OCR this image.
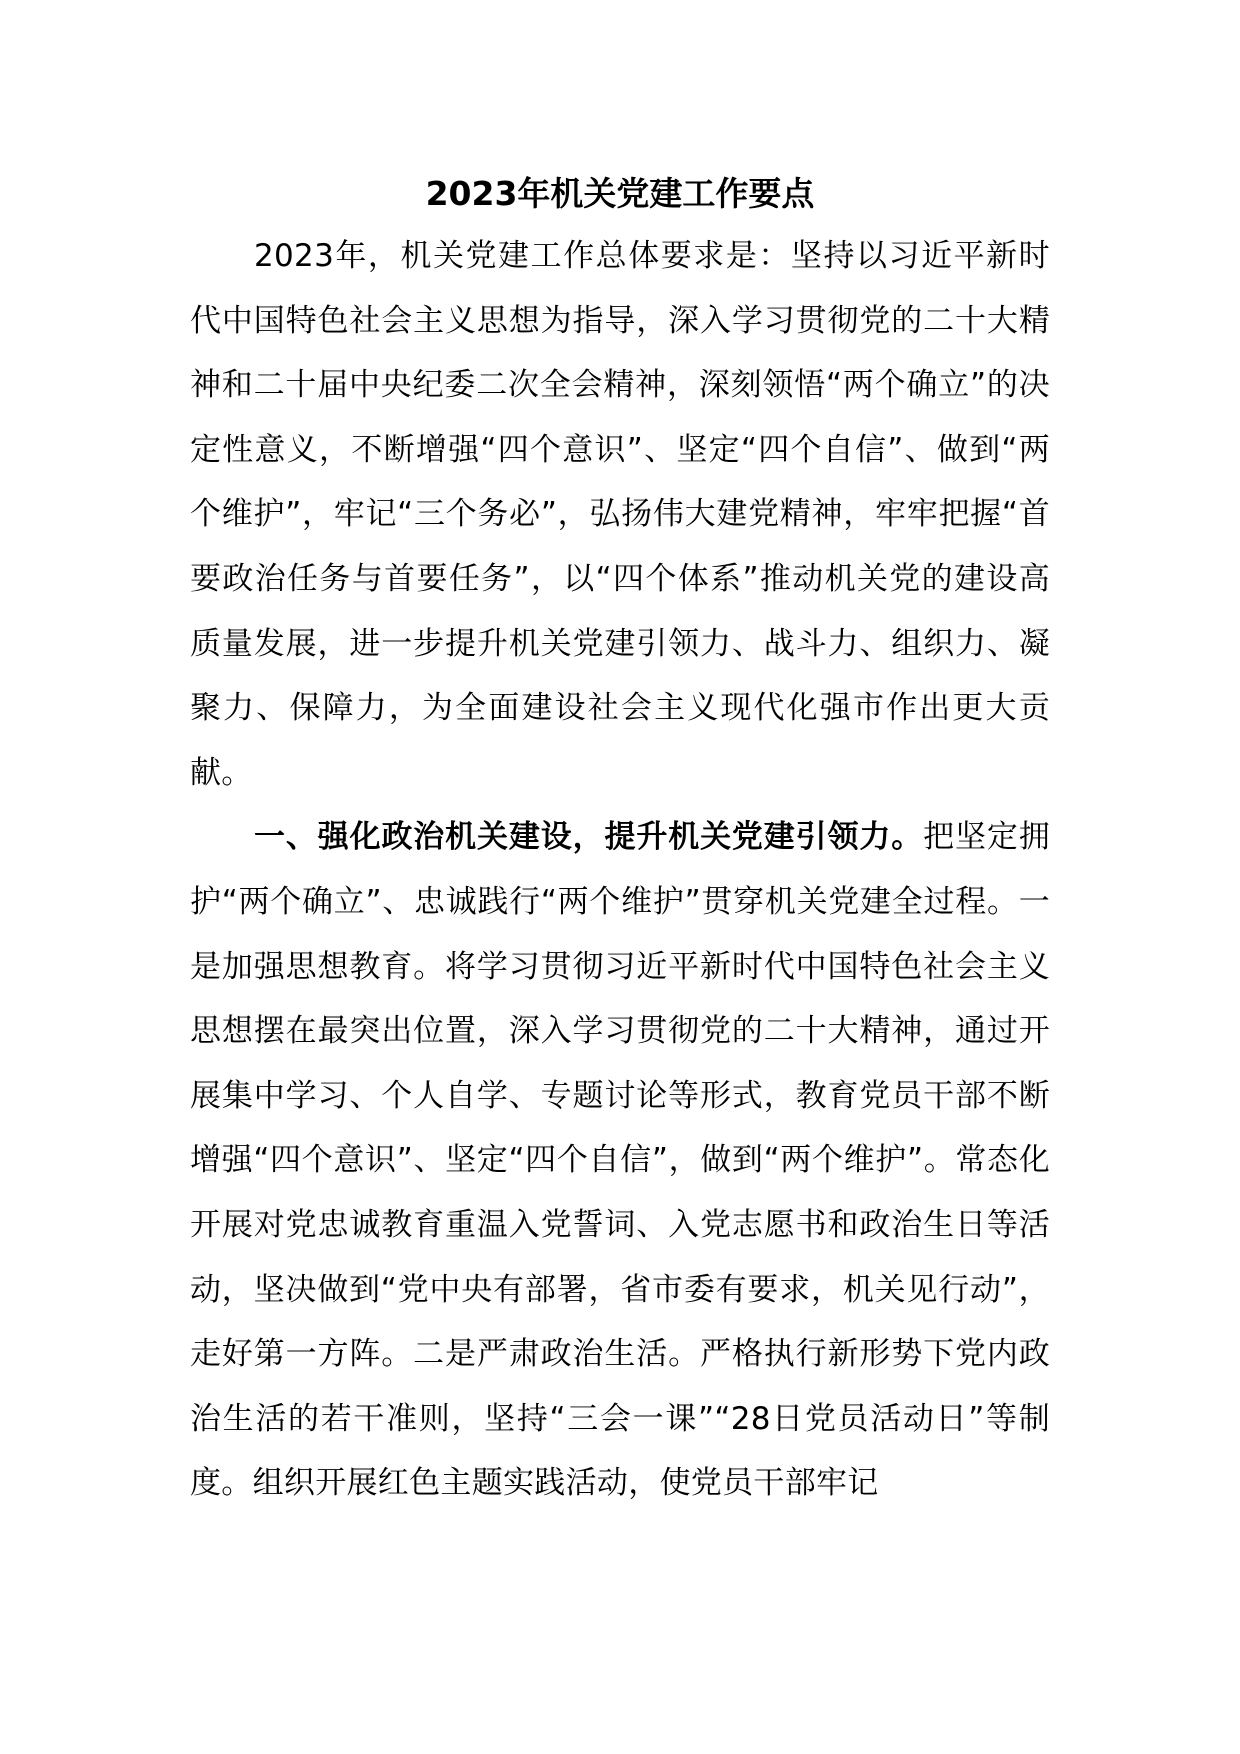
2023年机关党建工作要点

2023年，机关党建工作总体要求是：坚持以习近平新时代中国特色社会主义思想为指导，深入学习贯彻党的二十大精神和二十届中央纪委二次全会精神，深刻领悟“两个确立”的决定性意义，不断增强“四个意识”、坚定“四个自信”、做到“两个维护”，牢记“三个务必”，弘扬伟大建党精神，牢牢把握“首要政治任务与首要任务”，以“四个体系”推动机关党的建设高质量发展，进一步提升机关党建引领力、战斗力、组织力、凝聚力、保障力，为全面建设社会主义现代化强市作出更大贡献。

一、强化政治机关建设，提升机关党建引领力。把坚定拥护“两个确立”、忠诚践行“两个维护”贯穿机关党建全过程。一是加强思想教育。将学习贯彻习近平新时代中国特色社会主义思想摆在最突出位置，深入学习贯彻党的二十大精神，通过开展集中学习、个人自学、专题讨论等形式，教育党员干部不断增强“四个意识”、坚定“四个自信”，做到“两个维护”。常态化开展对党忠诚教育重温入党誓词、入党志愿书和政治生日等活动，坚决做到“党中央有部署，省市委有要求，机关见行动”，走好第一方阵。二是严肃政治生活。严格执行新形势下党内政治生活的若干准则，坚持“三会一课”“28日党员活动日”等制度。组织开展红色主题实践活动，使党员干部牢记
